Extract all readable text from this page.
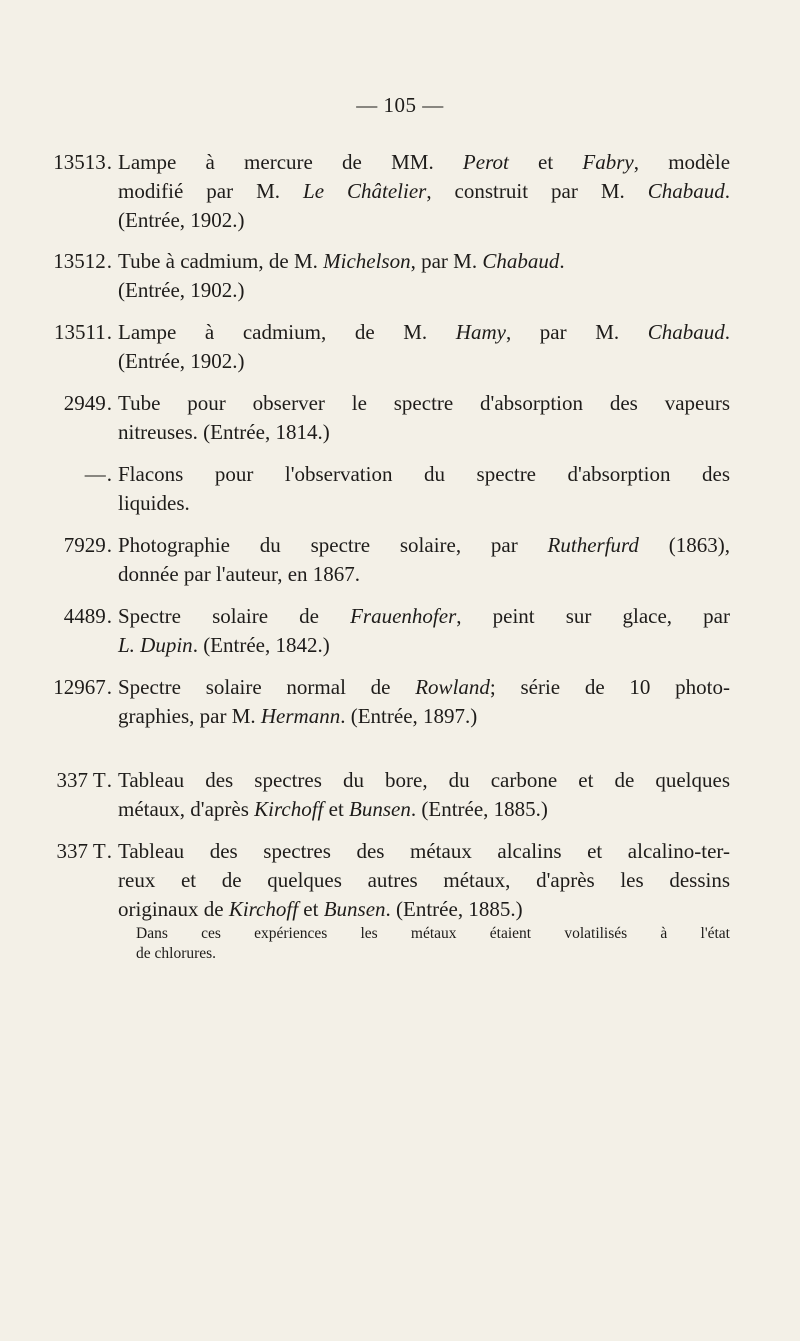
— 105 —
13513. Lampe à mercure de MM. Perot et Fabry, modèle
modifié par M. Le Châtelier, construit par M. Chabaud.
(Entrée, 1902.)
13512. Tube à cadmium, de M. Michelson, par M. Chabaud.
(Entrée, 1902.)
13511. Lampe à cadmium, de M. Hamy, par M. Chabaud.
(Entrée, 1902.)
2949. Tube pour observer le spectre d'absorption des vapeurs
nitreuses. (Entrée, 1814.)
—. Flacons pour l'observation du spectre d'absorption des
liquides.
7929. Photographie du spectre solaire, par Rutherfurd (1863),
donnée par l'auteur, en 1867.
4489. Spectre solaire de Frauenhofer, peint sur glace, par
L. Dupin. (Entrée, 1842.)
12967. Spectre solaire normal de Rowland; série de 10 photo-
graphies, par M. Hermann. (Entrée, 1897.)
337 T. Tableau des spectres du bore, du carbone et de quelques
métaux, d'après Kirchoff et Bunsen. (Entrée, 1885.)
337 T. Tableau des spectres des métaux alcalins et alcalino-ter-
reux et de quelques autres métaux, d'après les dessins
originaux de Kirchoff et Bunsen. (Entrée, 1885.)
Dans ces expériences les métaux étaient volatilisés à l'état
de chlorures.
